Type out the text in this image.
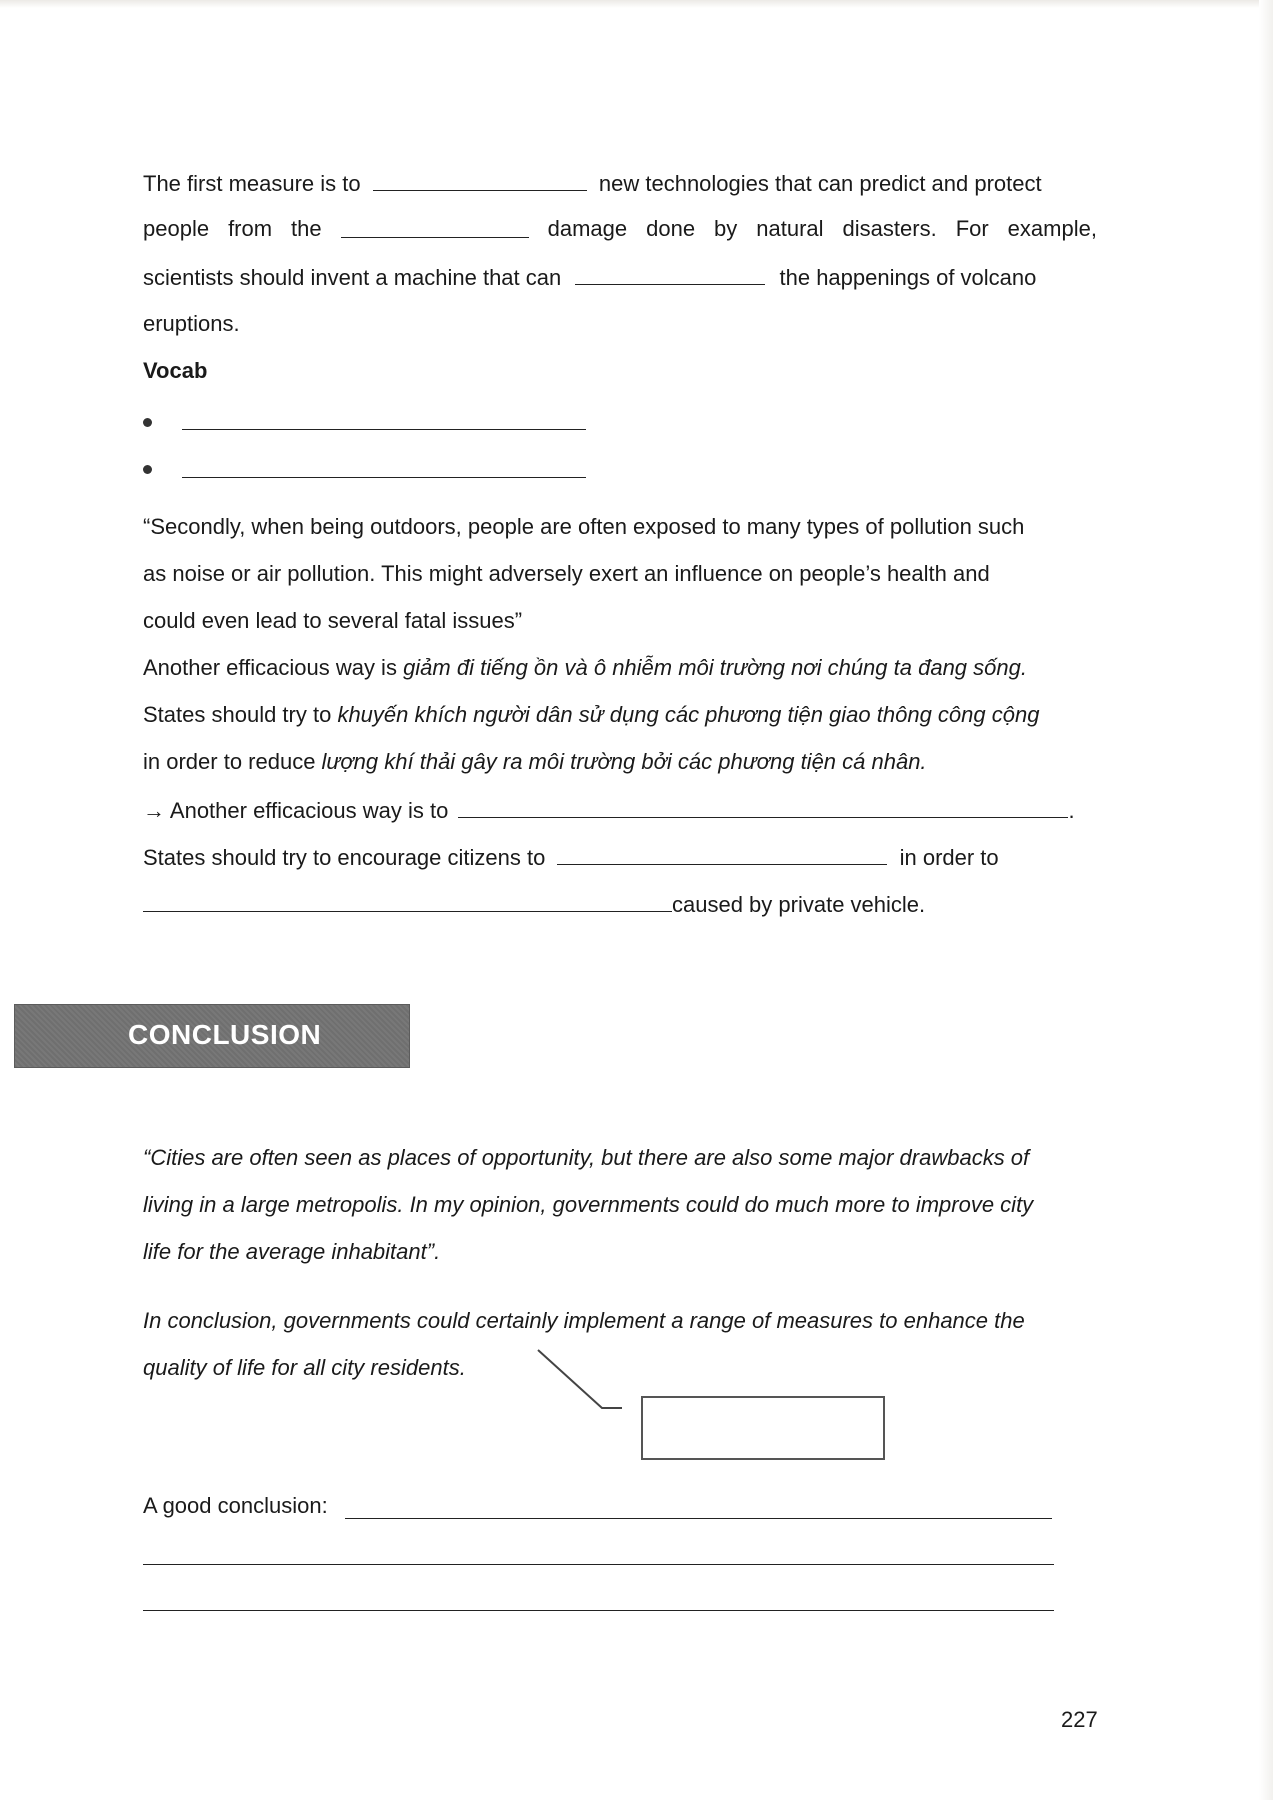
The first measure is to	new technologies that can predict and protect
people from the	damage done by natural disasters. For example,
scientists should invent a machine that can	the happenings of volcano
eruptions.
Vocab
“Secondly, when being outdoors, people are often exposed to many types of pollution such
as noise or air pollution. This might adversely exert an influence on people’s health and
could even lead to several fatal issues”
Another efficacious way is giảm đi tiếng ồn và ô nhiễm môi trường nơi chúng ta đang sống.
States should try to khuyến khích người dân sử dụng các phương tiện giao thông công cộng
in order to reduce lượng khí thải gây ra môi trường bởi các phương tiện cá nhân.
→ Another efficacious way is to	.
States should try to encourage citizens to	in order to
caused by private vehicle.
CONCLUSION
“Cities are often seen as places of opportunity, but there are also some major drawbacks of
living in a large metropolis. In my opinion, governments could do much more to improve city
life for the average inhabitant”.
In conclusion, governments could certainly implement a range of measures to enhance the
quality of life for all city residents.
A good conclusion:
227
